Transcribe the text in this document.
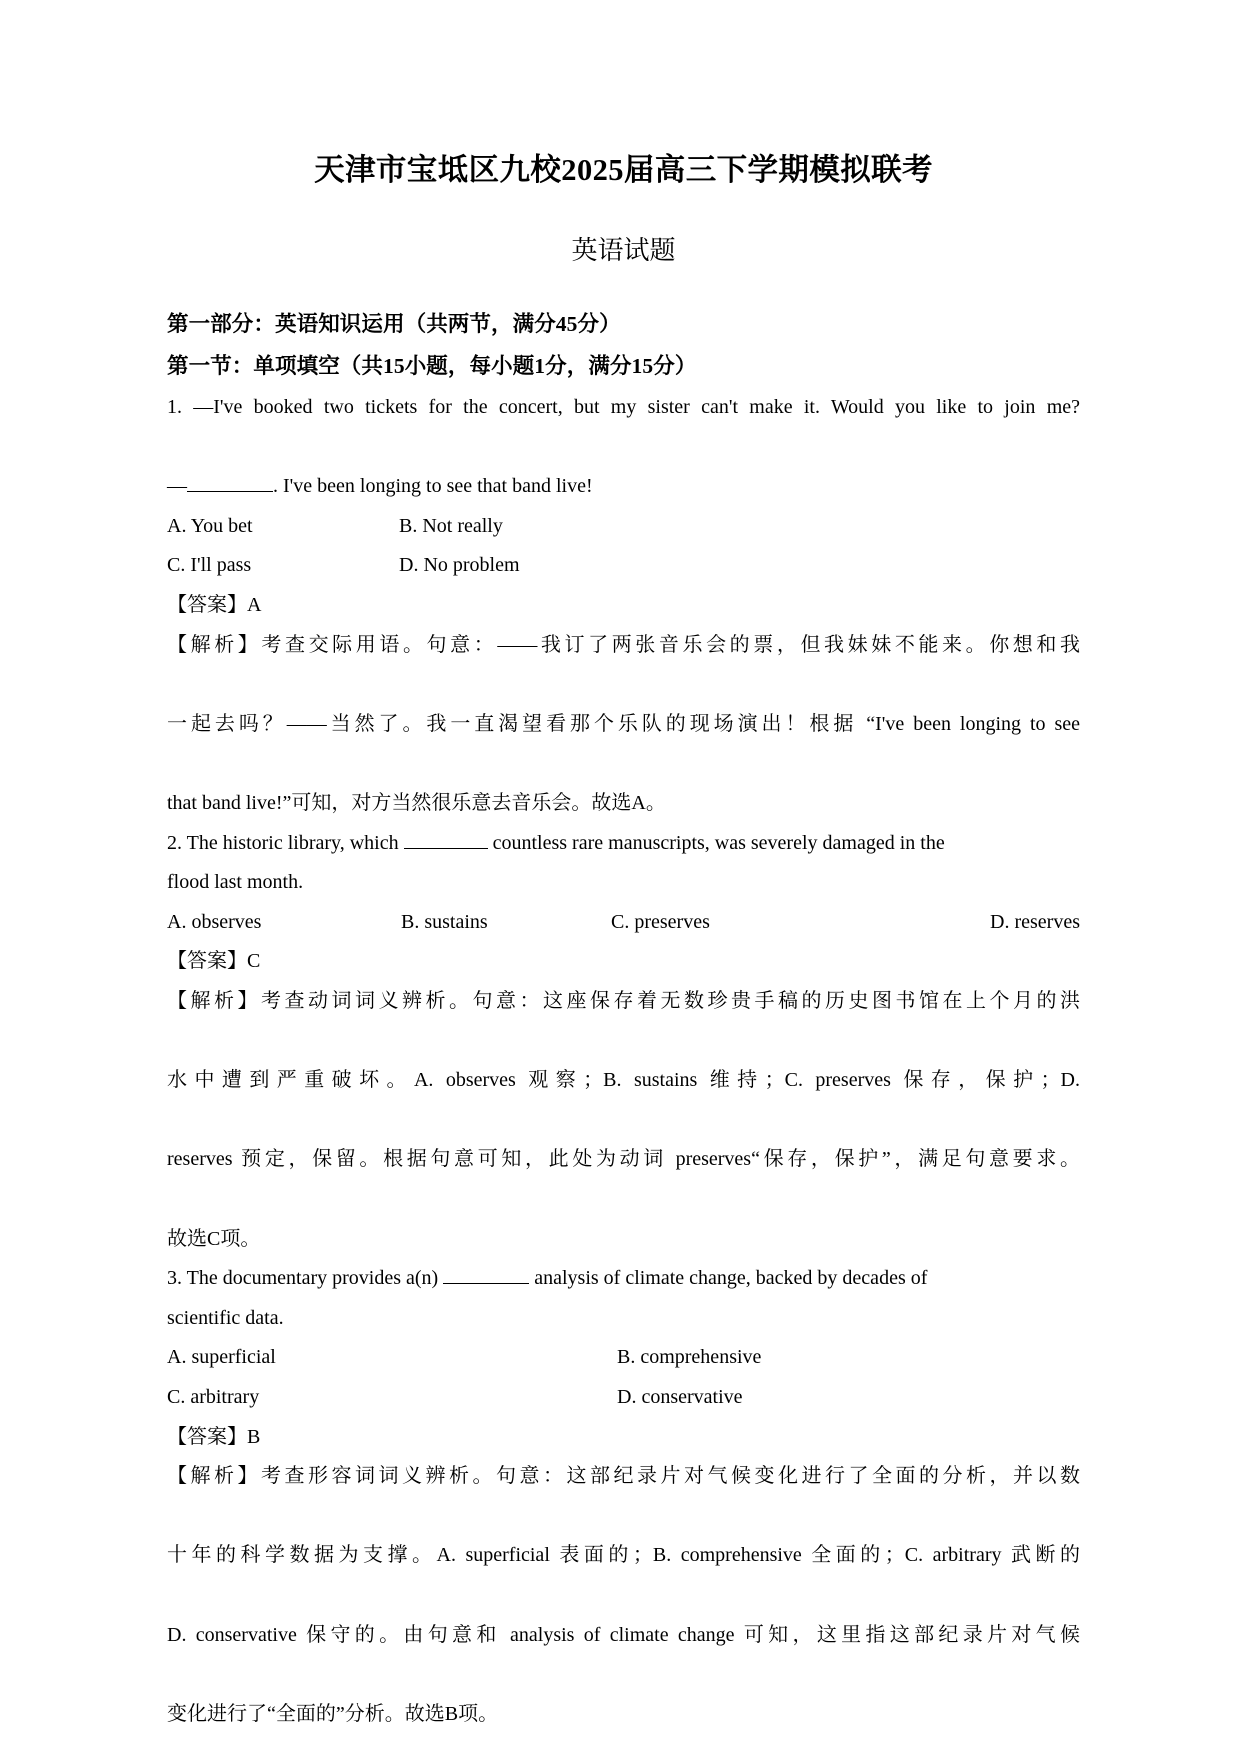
天津市宝坻区九校2025届高三下学期模拟联考
英语试题

第一部分：英语知识运用（共两节，满分45分）

第一节：单项填空（共15小题，每小题1分，满分15分）

1. —I've booked two tickets for the concert, but my sister can't make it. Would you like to join me?

—	. I've been longing to see that band live!

A. You bet	B. Not really
C. I'll pass	D. No problem

【答案】A

【解析】考查交际用语。句意：——我订了两张音乐会的票，但我妹妹不能来。你想和我

一起去吗？——当然了。我一直渴望看那个乐队的现场演出！根据 “I've been longing to see

that band live!”可知，对方当然很乐意去音乐会。故选A。

2. The historic library, which	countless rare manuscripts, was severely damaged in the

flood last month.

A. observes	B. sustains	C. preserves	D. reserves

【答案】C

【解析】考查动词词义辨析。句意：这座保存着无数珍贵手稿的历史图书馆在上个月的洪

水中遭到严重破坏。A. observes 观察；B. sustains 维持；C. preserves 保存，保护；D.

reserves 预定，保留。根据句意可知，此处为动词 preserves“保存，保护”，满足句意要求。

故选C项。

3. The documentary provides a(n)	analysis of climate change, backed by decades of

scientific data.

A. superficial	B. comprehensive
C. arbitrary	D. conservative

【答案】B

【解析】考查形容词词义辨析。句意：这部纪录片对气候变化进行了全面的分析，并以数

十年的科学数据为支撑。A. superficial 表面的；B. comprehensive 全面的；C. arbitrary 武断的

D. conservative 保守的。由句意和 analysis of climate change 可知，这里指这部纪录片对气候

变化进行了“全面的”分析。故选B项。
